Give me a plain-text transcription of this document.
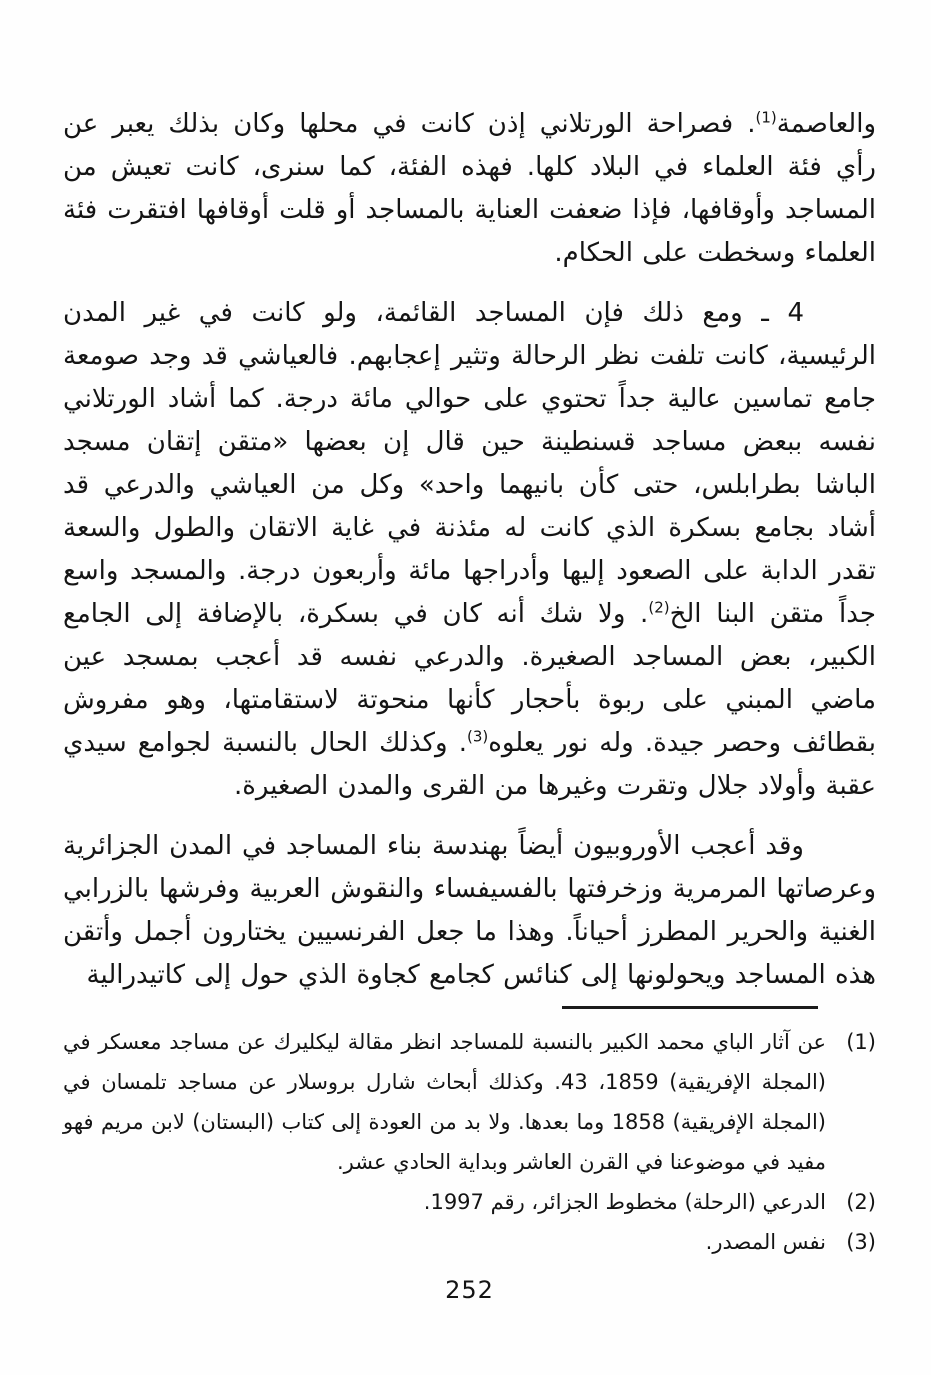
والعاصمة$^{(1)}$. فصراحة الورتلاني إذن كانت في محلها وكان بذلك يعبر عن رأي فئة العلماء في البلاد كلها. فهذه الفئة، كما سنرى، كانت تعيش من المساجد وأوقافها، فإذا ضعفت العناية بالمساجد أو قلت أوقافها افتقرت فئة العلماء وسخطت على الحكام.

4 ـ ومع ذلك فإن المساجد القائمة، ولو كانت في غير المدن الرئيسية، كانت تلفت نظر الرحالة وتثير إعجابهم. فالعياشي قد وجد صومعة جامع تماسين عالية جداً تحتوي على حوالي مائة درجة. كما أشاد الورتلاني نفسه ببعض مساجد قسنطينة حين قال إن بعضها «متقن إتقان مسجد الباشا بطرابلس، حتى كأن بانيهما واحد» وكل من العياشي والدرعي قد أشاد بجامع بسكرة الذي كانت له مئذنة في غاية الاتقان والطول والسعة تقدر الدابة على الصعود إليها وأدراجها مائة وأربعون درجة. والمسجد واسع جداً متقن البنا الخ$^{(2)}$. ولا شك أنه كان في بسكرة، بالإضافة إلى الجامع الكبير، بعض المساجد الصغيرة. والدرعي نفسه قد أعجب بمسجد عين ماضي المبني على ربوة بأحجار كأنها منحوتة لاستقامتها، وهو مفروش بقطائف وحصر جيدة. وله نور يعلوه$^{(3)}$. وكذلك الحال بالنسبة لجوامع سيدي عقبة وأولاد جلال وتقرت وغيرها من القرى والمدن الصغيرة.

وقد أعجب الأوروبيون أيضاً بهندسة بناء المساجد في المدن الجزائرية وعرصاتها المرمرية وزخرفتها بالفسيفساء والنقوش العربية وفرشها بالزرابي الغنية والحرير المطرز أحياناً. وهذا ما جعل الفرنسيين يختارون أجمل وأتقن هذه المساجد ويحولونها إلى كنائس كجامع كجاوة الذي حول إلى كاتيدرالية

(1)
عن آثار الباي محمد الكبير بالنسبة للمساجد انظر مقالة ليكليرك عن مساجد معسكر في (المجلة الإفريقية) 1859، 43. وكذلك أبحاث شارل بروسلار عن مساجد تلمسان في (المجلة الإفريقية) 1858 وما بعدها. ولا بد من العودة إلى كتاب (البستان) لابن مريم فهو مفيد في موضوعنا في القرن العاشر وبداية الحادي عشر.
(2)
الدرعي (الرحلة) مخطوط الجزائر، رقم 1997.
(3)
نفس المصدر.
252
